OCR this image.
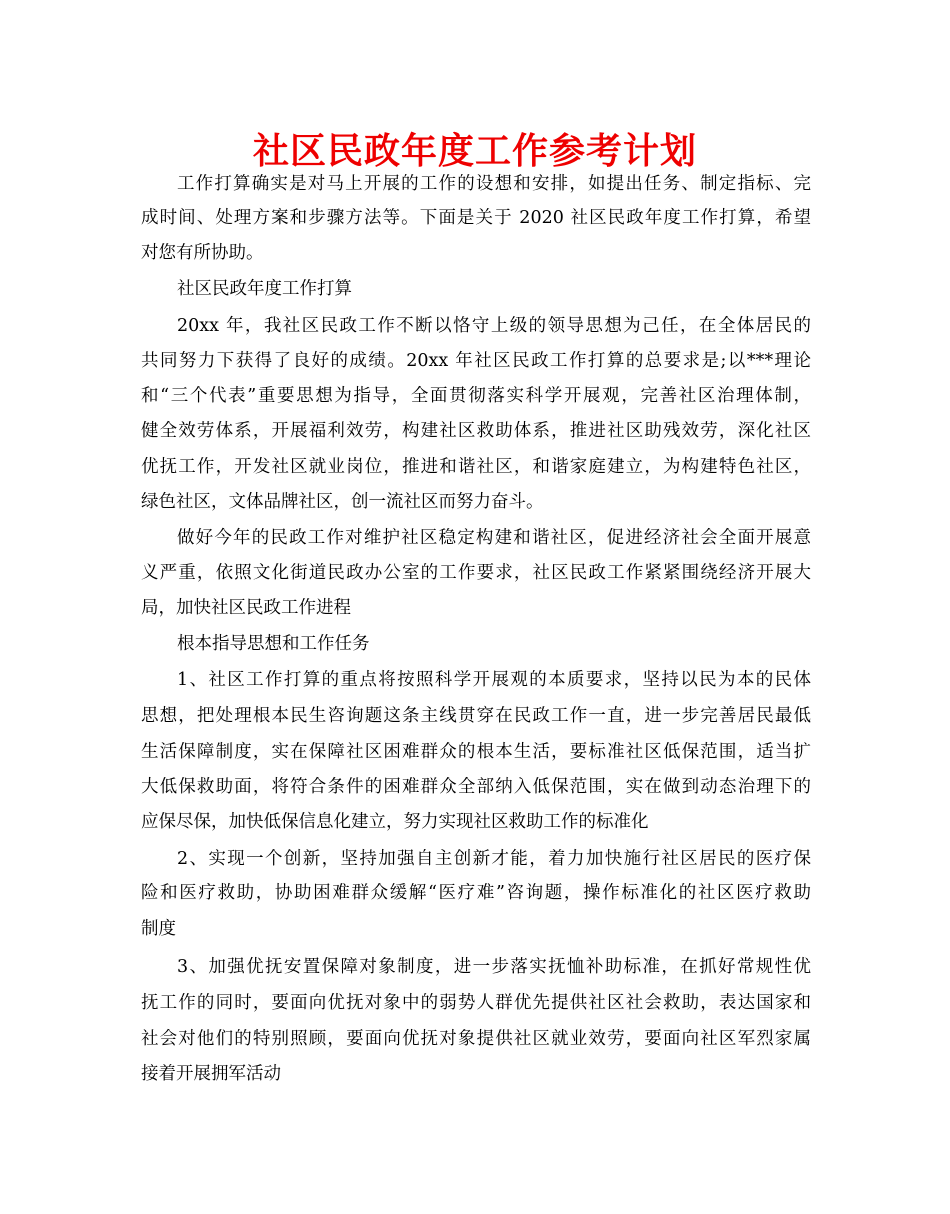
社区民政年度工作参考计划

工作打算确实是对马上开展的工作的设想和安排，如提出任务、制定指标、完

成时间、处理方案和步骤方法等。下面是关于 2020 社区民政年度工作打算，希望

对您有所协助。

社区民政年度工作打算

20xx 年，我社区民政工作不断以恪守上级的领导思想为己任，在全体居民的

共同努力下获得了良好的成绩。20xx 年社区民政工作打算的总要求是;以***理论

和“三个代表”重要思想为指导，全面贯彻落实科学开展观，完善社区治理体制，

健全效劳体系，开展福利效劳，构建社区救助体系，推进社区助残效劳，深化社区

优抚工作，开发社区就业岗位，推进和谐社区，和谐家庭建立，为构建特色社区，

绿色社区，文体品牌社区，创一流社区而努力奋斗。

做好今年的民政工作对维护社区稳定构建和谐社区，促进经济社会全面开展意

义严重，依照文化街道民政办公室的工作要求，社区民政工作紧紧围绕经济开展大

局，加快社区民政工作进程

根本指导思想和工作任务

1、社区工作打算的重点将按照科学开展观的本质要求，坚持以民为本的民体

思想，把处理根本民生咨询题这条主线贯穿在民政工作一直，进一步完善居民最低

生活保障制度，实在保障社区困难群众的根本生活，要标准社区低保范围，适当扩

大低保救助面，将符合条件的困难群众全部纳入低保范围，实在做到动态治理下的

应保尽保，加快低保信息化建立，努力实现社区救助工作的标准化

2、实现一个创新，坚持加强自主创新才能，着力加快施行社区居民的医疗保

险和医疗救助，协助困难群众缓解“医疗难”咨询题，操作标准化的社区医疗救助

制度

3、加强优抚安置保障对象制度，进一步落实抚恤补助标准，在抓好常规性优

抚工作的同时，要面向优抚对象中的弱势人群优先提供社区社会救助，表达国家和

社会对他们的特别照顾，要面向优抚对象提供社区就业效劳，要面向社区军烈家属

接着开展拥军活动
